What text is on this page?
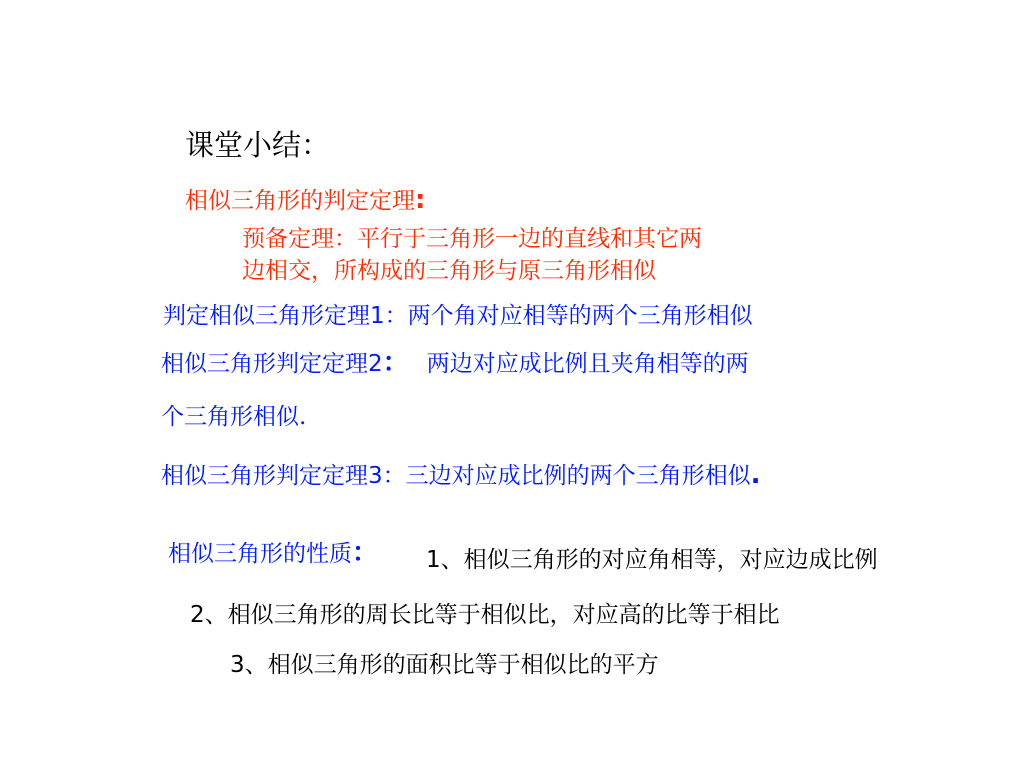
课堂小结：
相似三角形的判定定理:
预备定理：平行于三角形一边的直线和其它两
边相交，所构成的三角形与原三角形相似
判定相似三角形定理1：两个角对应相等的两个三角形相似
相似三角形判定定理2： 两边对应成比例且夹角相等的两
个三角形相似.
相似三角形判定定理3：三边对应成比例的两个三角形相似.
相似三角形的性质： 1、相似三角形的对应角相等，对应边成比例
2、相似三角形的周长比等于相似比，对应高的比等于相比
3、相似三角形的面积比等于相似比的平方
